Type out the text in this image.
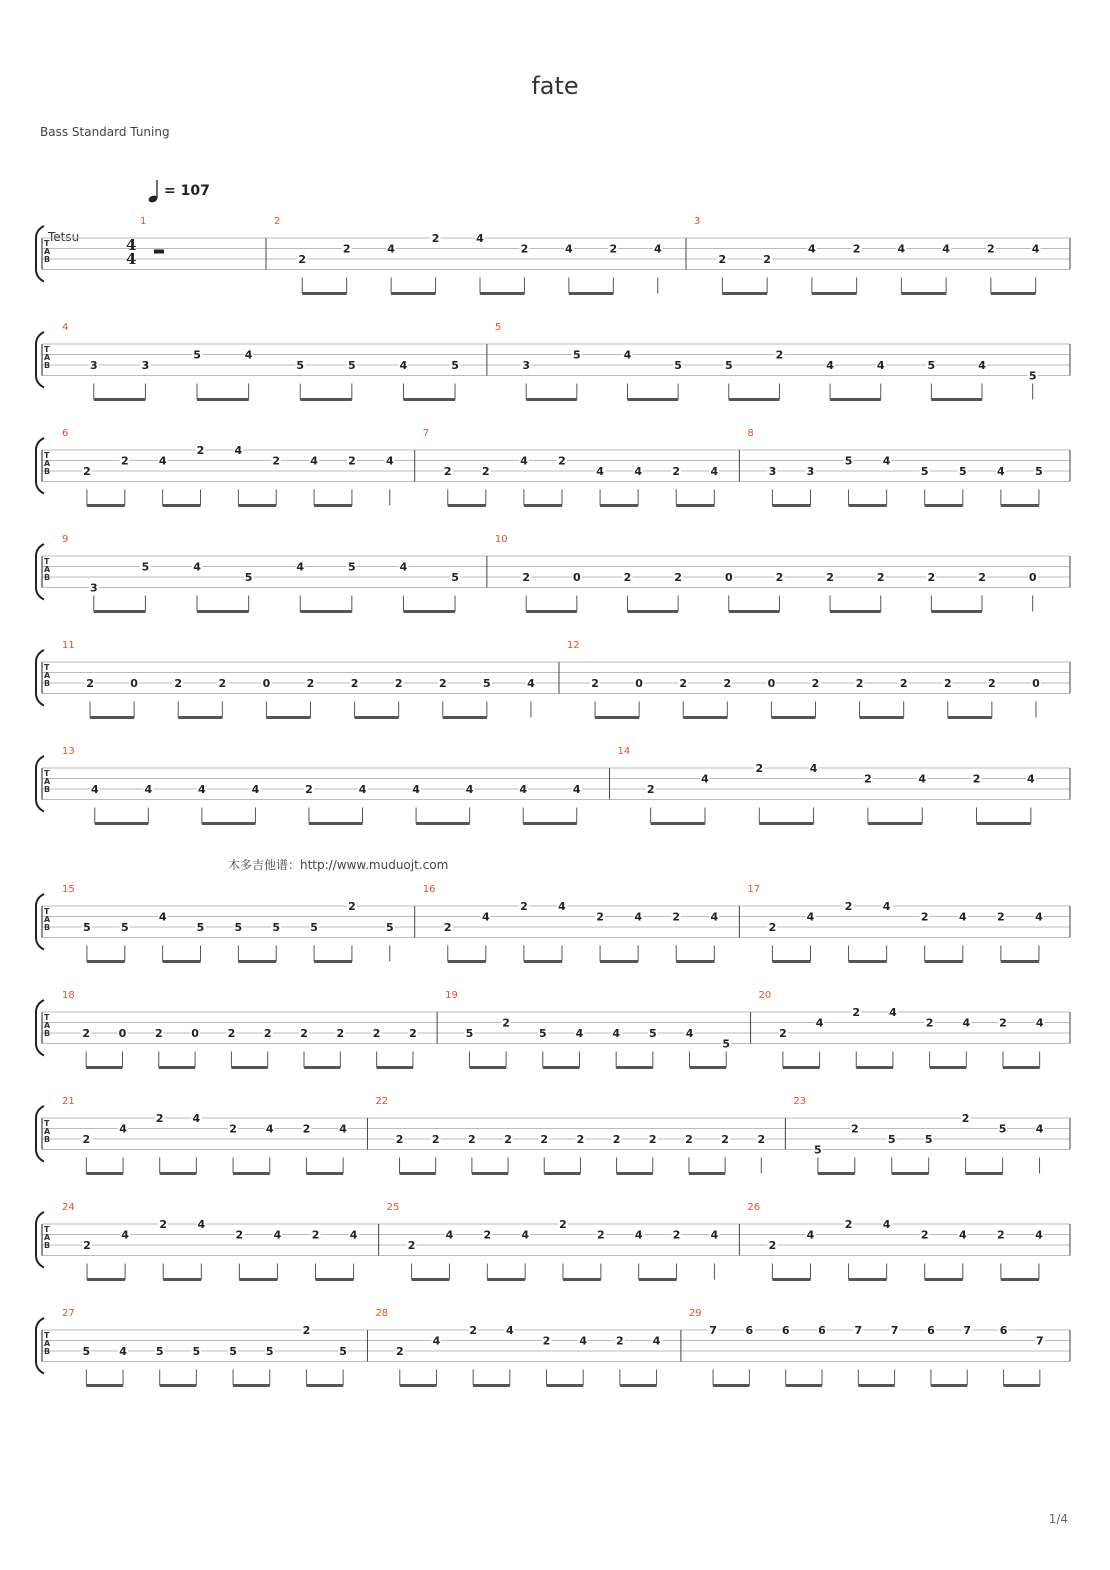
fate
Bass Standard Tuning
= 107
Tetsu
木多吉他谱：http://www.muduojt.com
1/4
T
A
B
4
4
1	2
2
2	4
2	4
2	4	2	4
3
2	2
4	2	4	4	2	4
T
A
B
4
3	3
5	4
5	5	4	5
5
3
5	4
5	5
2
4	4	5	4
5
T
A
B
6
2
2	4
2	4
2	4	2	4
7
2	2
4	2
4	4	2	4
8
3	3
5	4
5	5	4	5
T
A
B
9
3
5	4
5
4	5	4
5
10
2	0	2	2	0	2	2	2	2	2	0
T
A
B
11
2	0	2	2	0	2	2	2	2	5	4
12
2	0	2	2	0	2	2	2	2	2	0
T
A
B
13
4	4	4	4	2	4	4	4	4	4
14
2
4
2	4
2	4	2	4
T
A
B
15
5	5
4
5	5	5	5
2
5
16
2
4
2	4
2	4	2	4
17
2
4
2	4
2	4	2	4
T
A
B
18
2	0	2	0	2	2	2	2	2	2
19
5
2
5	4	4	5	4
5
20
2
4
2	4
2	4	2	4
T
A
B
21
2
4
2	4
2	4	2	4
22
2	2	2	2	2	2	2	2	2	2	2
23
5
2
5	5
2
5	4
T
A
B
24
2
4
2	4
2	4	2	4
25
2
4	2	4
2
2	4	2	4
26
2
4
2	4
2	4	2	4
T
A
B
27
5	4	5	5	5	5
2
5
28
2
4
2	4
2	4	2	4
29
7	6	6	6	7	7	6	7	6
7
